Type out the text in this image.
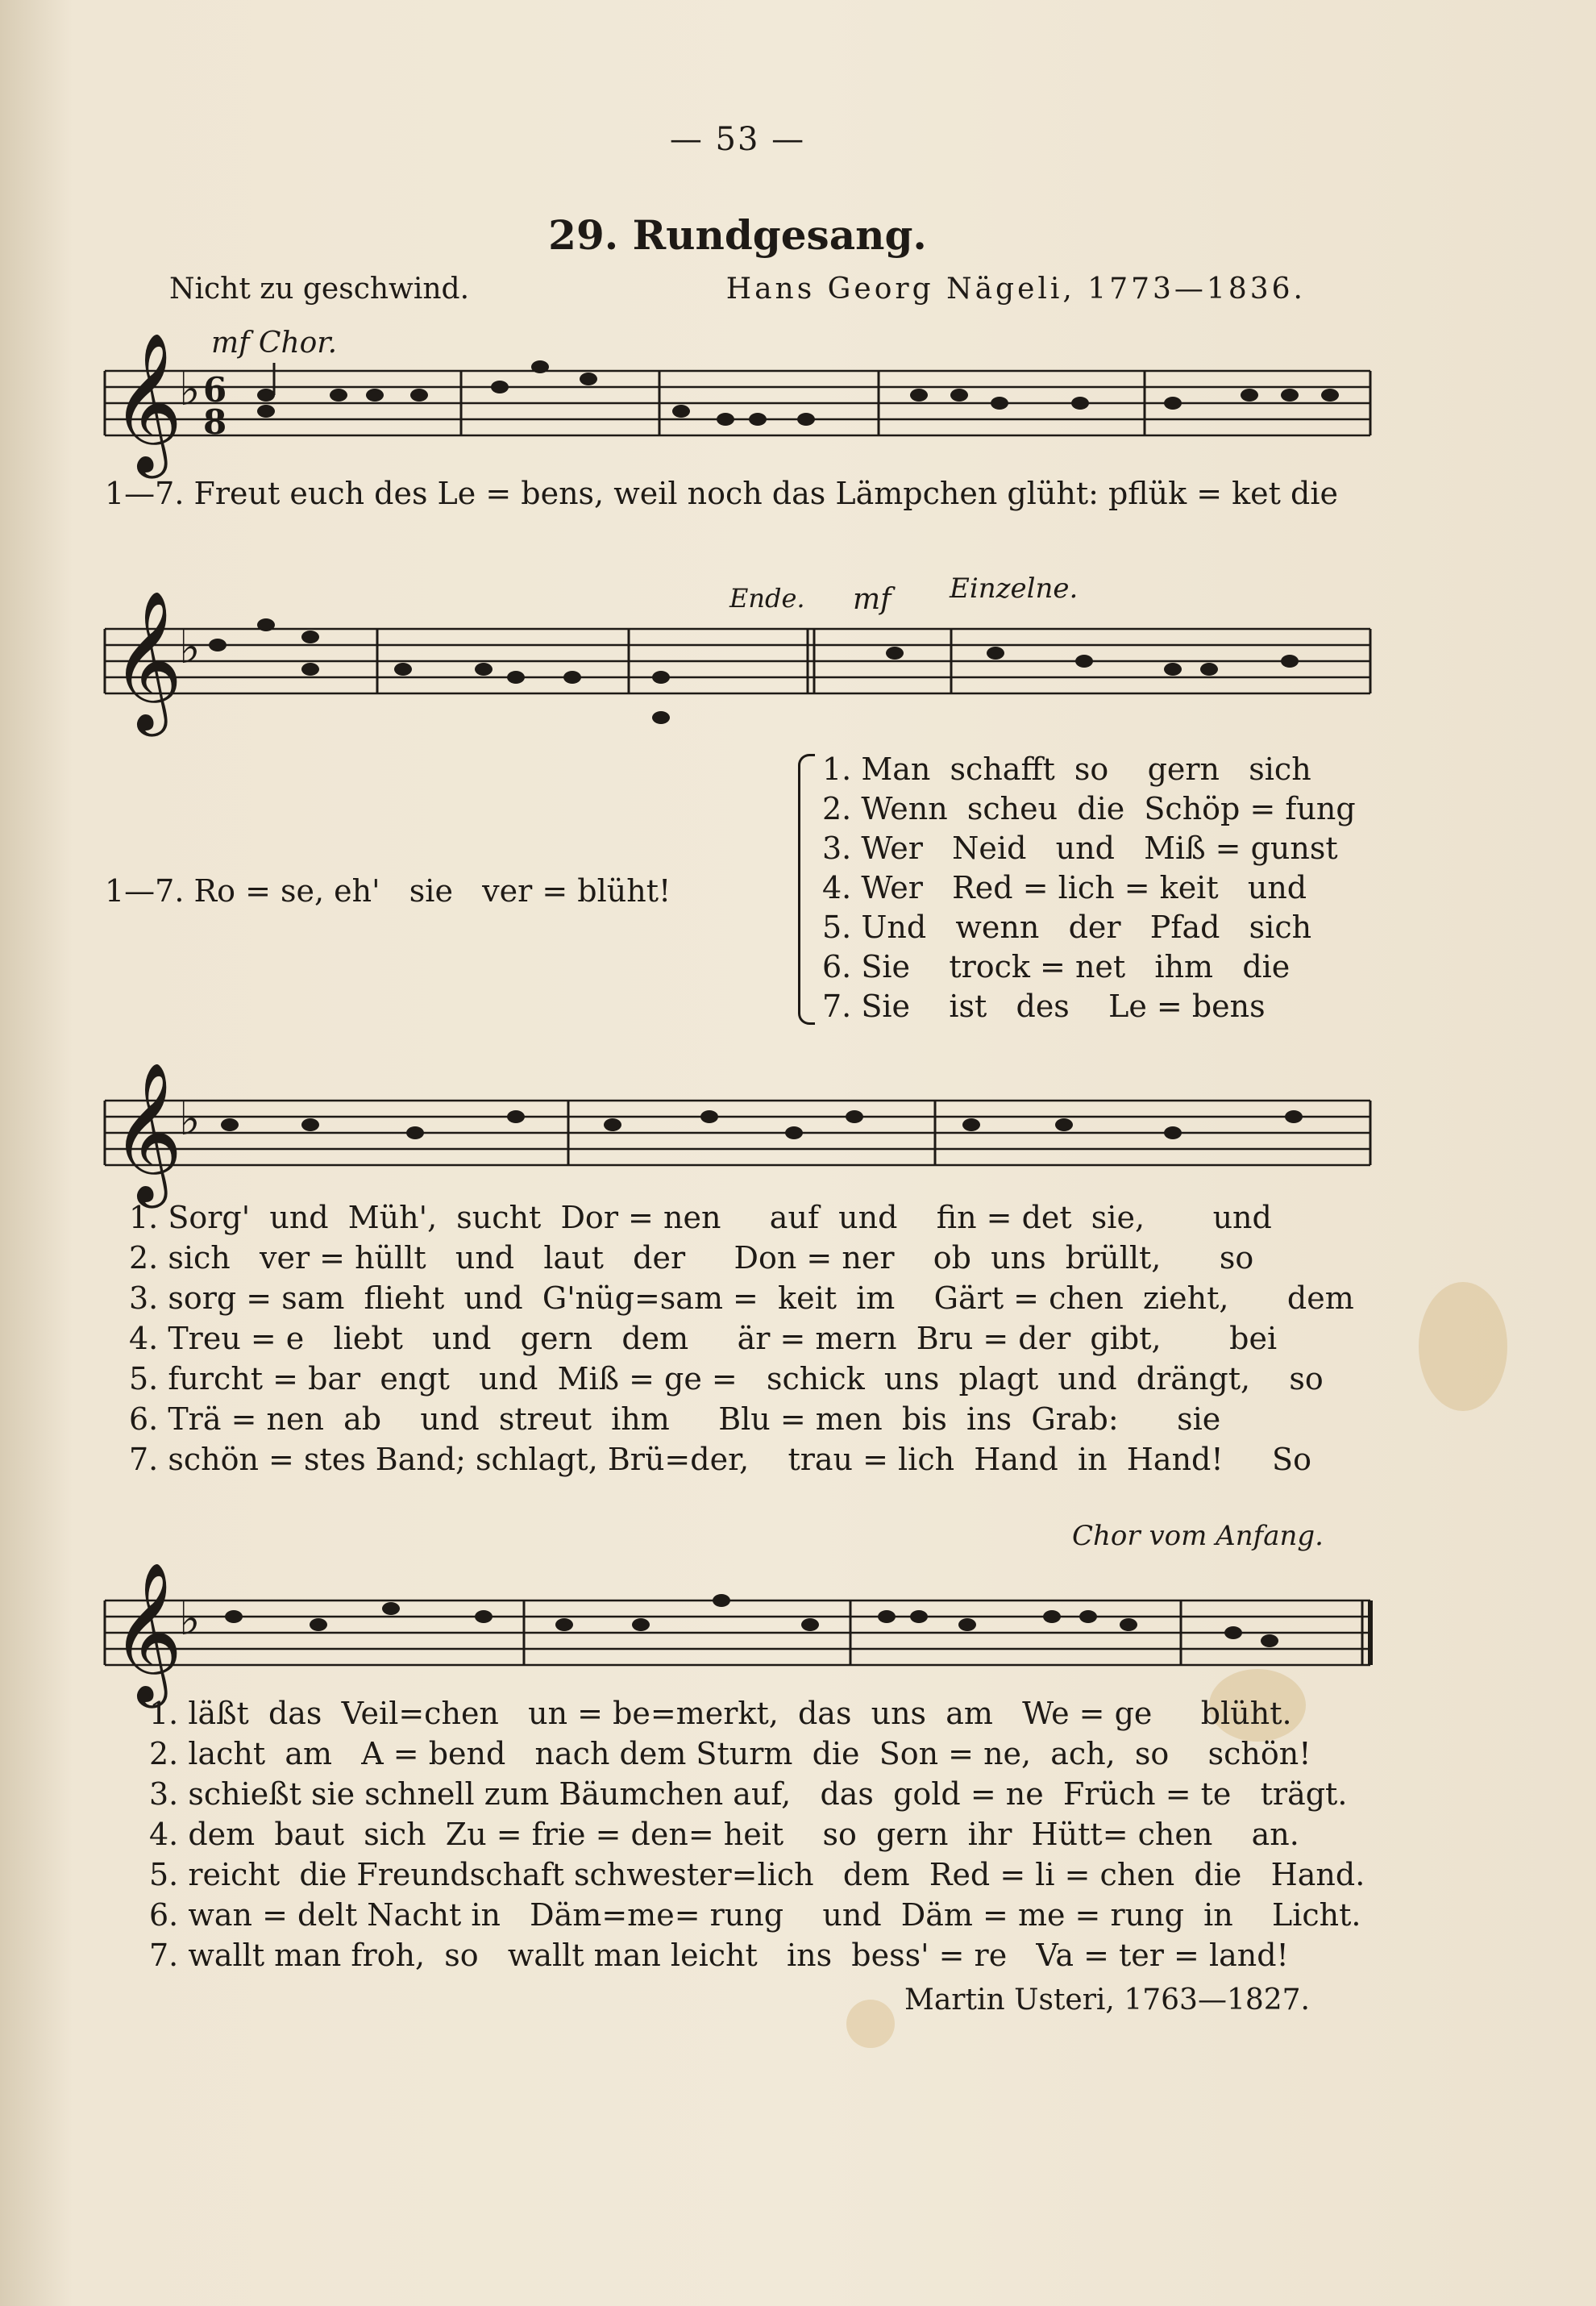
— 53 —
29. Rundgesang.
Nicht zu geschwind.	Hans Georg Nägeli, 1773—1836.
mf Chor.
Ende. mf Einzelne.
Chor vom Anfang.
𝄞
♭ 6
8
1—7. Freut euch des Le = bens, weil noch das Lämpchen glüht: pflük = ket die
𝄞
♭
1—7. Ro = se, eh'   sie   ver = blüht!
1. Man  schafft  so    gern   sich
2. Wenn  scheu  die  Schöp = fung
3. Wer   Neid   und   Miß = gunst
4. Wer   Red = lich = keit   und
5. Und   wenn   der   Pfad   sich
6. Sie    trock = net   ihm   die
7. Sie    ist   des    Le = bens
𝄞
♭
1. Sorg'  und  Müh',  sucht  Dor = nen     auf  und    fin = det  sie,       und
2. sich   ver = hüllt   und   laut   der     Don = ner    ob  uns  brüllt,      so
3. sorg = sam  flieht  und  G'nüg=sam =  keit  im    Gärt = chen  zieht,      dem
4. Treu = e   liebt   und   gern   dem     är = mern  Bru = der  gibt,       bei
5. furcht = bar  engt   und  Miß = ge =   schick  uns  plagt  und  drängt,    so
6. Trä = nen  ab    und  streut  ihm     Blu = men  bis  ins  Grab:      sie
7. schön = stes Band; schlagt, Brü=der,    trau = lich  Hand  in  Hand!     So
𝄞
♭
1. läßt  das  Veil=chen   un = be=merkt,  das  uns  am   We = ge     blüht.
2. lacht  am   A = bend   nach dem Sturm  die  Son = ne,  ach,  so    schön!
3. schießt sie schnell zum Bäumchen auf,   das  gold = ne  Früch = te   trägt.
4. dem  baut  sich  Zu = frie = den= heit    so  gern  ihr  Hütt= chen    an.
5. reicht  die Freundschaft schwester=lich   dem  Red = li = chen  die   Hand.
6. wan = delt Nacht in   Däm=me= rung    und  Däm = me = rung  in    Licht.
7. wallt man froh,  so   wallt man leicht   ins  bess' = re   Va = ter = land!
Martin Usteri, 1763—1827.
